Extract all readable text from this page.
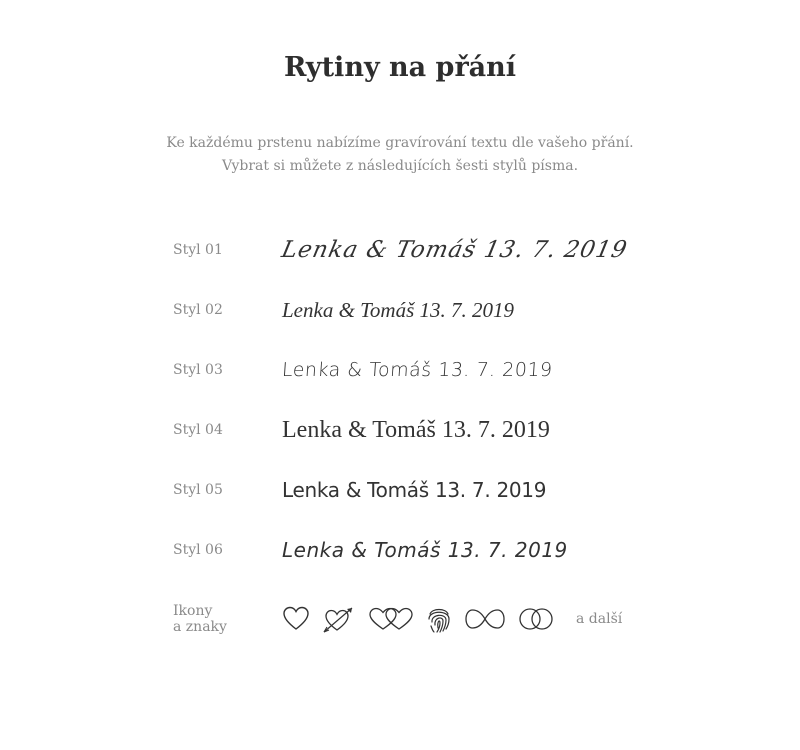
Rytiny na přání

Ke každému prstenu nabízíme gravírování textu dle vašeho přání.

Vybrat si můžete z následujících šesti stylů písma.

Styl 01	Lenka & Tomáš 13. 7. 2019
Styl 02	Lenka & Tomáš 13. 7. 2019
Styl 03	Lenka & Tomáš 13. 7. 2019
Styl 04	Lenka & Tomáš 13. 7. 2019
Styl 05	Lenka & Tomáš 13. 7. 2019
Styl 06	Lenka & Tomáš 13. 7. 2019
Ikony
a znaky	a další
